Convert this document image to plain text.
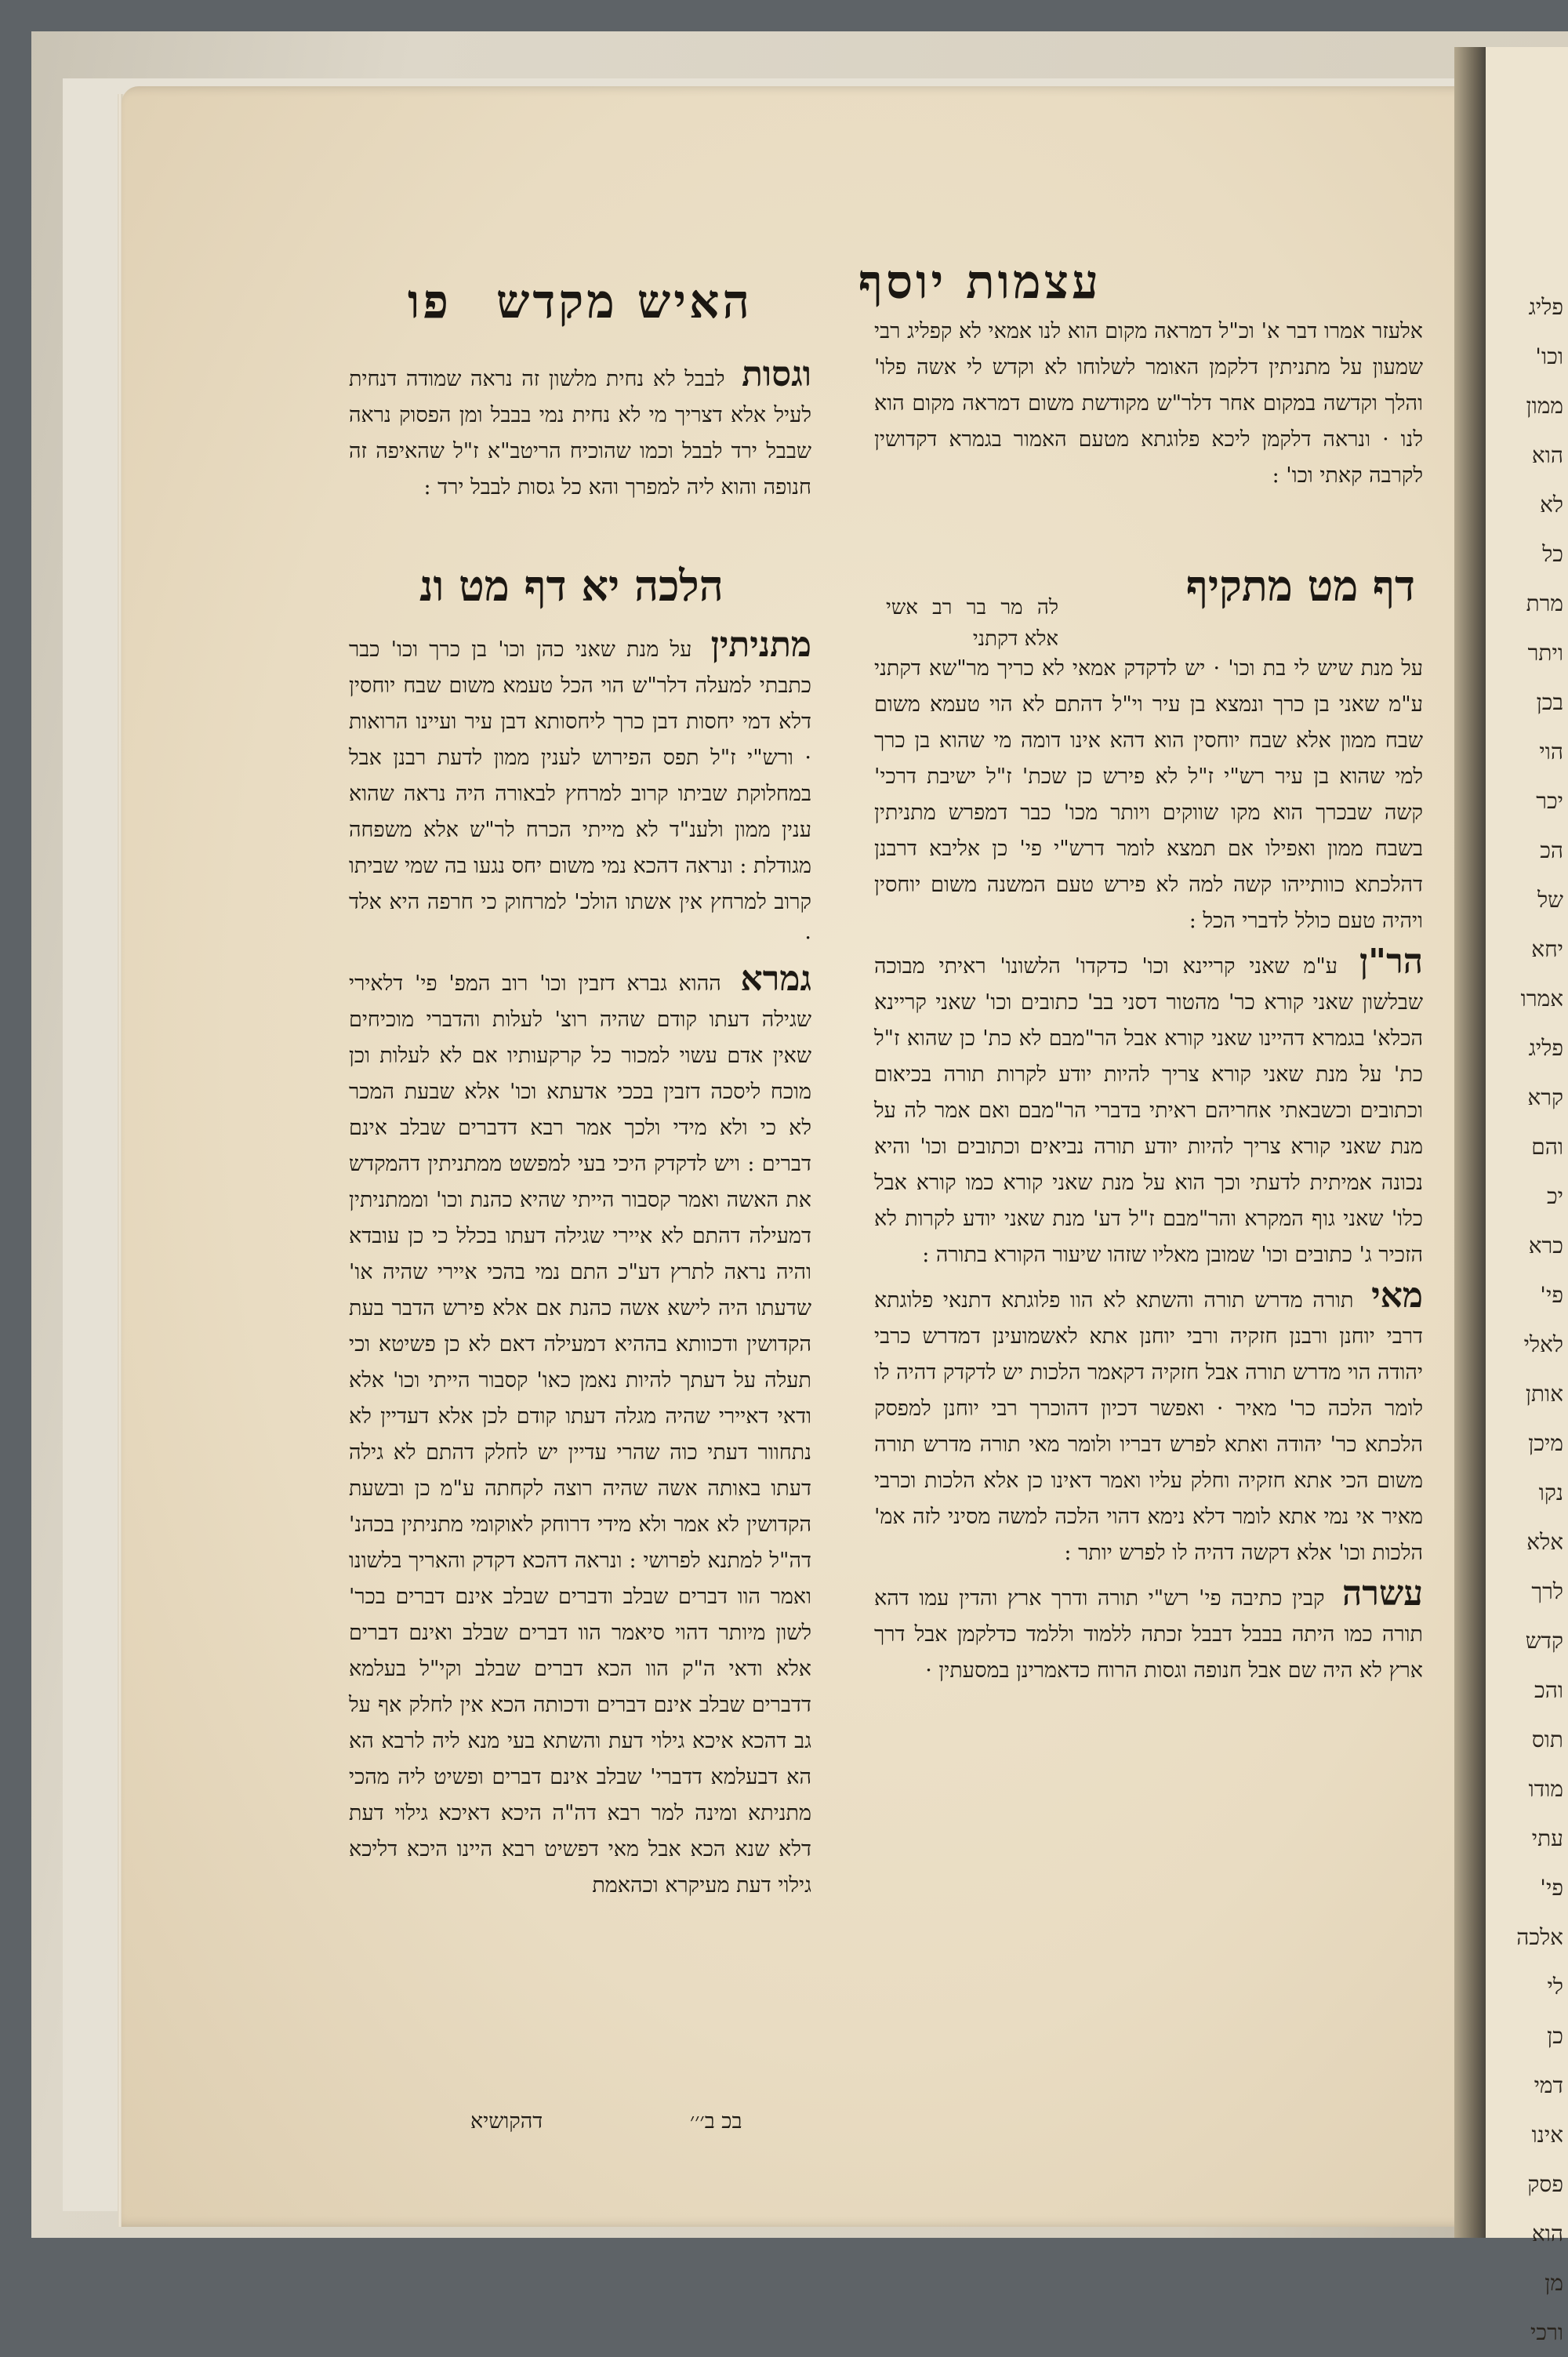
פליג
וכו'
ממון
הוא
לא
כל
מרת
ויתר
בכן
הוי
יכר
הכ
של
יחא
אמרו
פליג
קרא
והם
יכ
כרא
פי'
לאלי
אותן
מיכן
נקו
אלא
לרך
קדש
והכ
תוס
מודו
עתי
פי'
אלכה
לי
כן
דמי
אינו
פסק
הוא
מן
ורכי
עצמות יוסף
האיש מקדש
פו

וגסות לבבל לא נחית מלשון זה נראה שמודה דנחית לעיל אלא דצריך מי לא נחית נמי בבבל ומן הפסוק נראה שבבל ירד לבבל וכמו שהוכיח הריטב"א ז"ל שהאיפה זה חנופה והוא ליה למפרך והא כל גסות לבבל ירד :

הלכה יא דף מט ונ

מתניתין על מנת שאני כהן וכו' בן כרך וכו' כבר כתבתי למעלה דלר"ש הוי הכל טעמא משום שבח יוחסין דלא דמי יחסות דבן כרך ליחסותא דבן עיר ועיינו הרואות · ורש"י ז"ל תפס הפירוש לענין ממון לדעת רבנן אבל במחלוקת שביתו קרוב למרחץ לבאורה היה נראה שהוא ענין ממון ולענ"ד לא מייתי הכרח לר"ש אלא משפחה מגודלת : ונראה דהכא נמי משום יחס נגעו בה שמי שביתו קרוב למרחץ אין אשתו הולכ' למרחוק כי חרפה היא אלד ·

גמרא ההוא גברא דזבין וכו' רוב המפ' פי' דלאירי שגילה דעתו קודם שהיה רוצ' לעלות והדברי מוכיחים שאין אדם עשוי למכור כל קרקעותיו אם לא לעלות וכן מוכח ליסכה דזבין בככי אדעתא וכו' אלא שבעת המכר לא כי ולא מידי ולכך אמר רבא דדברים שבלב אינם דברים : ויש לדקדק היכי בעי למפשט ממתניתין דהמקדש את האשה ואמר קסבור הייתי שהיא כהנת וכו' וממתניתין דמעילה דהתם לא איירי שגילה דעתו בכלל כי כן עובדא והיה נראה לתרץ דע"כ התם נמי בהכי איירי שהיה או' שדעתו היה לישא אשה כהנת אם אלא פירש הדבר בעת הקדושין ודכוותא בההיא דמעילה דאם לא כן פשיטא וכי תעלה על דעתך להיות נאמן כאו' קסבור הייתי וכו' אלא ודאי דאיירי שהיה מגלה דעתו קודם לכן אלא דעדיין לא נתחוור דעתי כוה שהרי עדיין יש לחלק דהתם לא גילה דעתו באותה אשה שהיה רוצה לקחתה ע"מ כן ובשעת הקדושין לא אמר ולא מידי דרוחק לאוקומי מתניתין בכהנ' דה"ל למתנא לפרושי : ונראה דהכא דקדק והאריך בלשונו ואמר הוו דברים שבלב ודברים שבלב אינם דברים בכר' לשון מיותר דהוי סיאמר הוו דברים שבלב ואינם דברים אלא ודאי ה"ק הוו הכא דברים שבלב וקי"ל בעלמא דדברים שבלב אינם דברים ודכותה הכא אין לחלק אף על גב דהכא איכא גילוי דעת והשתא בעי מנא ליה לרבא הא הא דבעלמא דדברי' שבלב אינם דברים ופשיט ליה מהכי מתניתא ומינה למר רבא דה"ה היכא דאיכא גילוי דעת דלא שנא הכא אבל מאי דפשיט רבא היינו היכא דליכא גילוי דעת מעיקרא וכהאמת

בכ ב׳׳׳
דהקושיא

אלעזר אמרו דבר א' וכ"ל דמראה מקום הוא לנו אמאי לא קפליג רבי שמעון על מתניתין דלקמן האומר לשלוחו לא וקדש לי אשה פלו' והלך וקדשה במקום אחר דלר"ש מקודשת משום דמראה מקום הוא לנו · ונראה דלקמן ליכא פלוגתא מטעם האמור בגמרא דקדושין לקרבה קאתי וכו' :

דף מט מתקיף
לה מר בר רב אשי אלא דקתני

על מנת שיש לי בת וכו' · יש לדקדק אמאי לא כריך מר"שא דקתני ע"מ שאני בן כרך ונמצא בן עיר וי"ל דהתם לא הוי טעמא משום שבח ממון אלא שבח יוחסין הוא דהא אינו דומה מי שהוא בן כרך למי שהוא בן עיר רש"י ז"ל לא פירש כן שכת' ז"ל ישיבת דרכי' קשה שבכרך הוא מקו שווקים ויותר מכו' כבר דמפרש מתניתין בשבח ממון ואפילו אם תמצא לומר דרש"י פי' כן אליבא דרבנן דהלכתא כוותייהו קשה למה לא פירש טעם המשנה משום יוחסין ויהיה טעם כולל לדברי הכל :

הר"ן ע"מ שאני קריינא וכו' כדקדו' הלשונו' ראיתי מבוכה שבלשון שאני קורא כר' מהטור דסני בב' כתובים וכו' שאני קריינא הכלא' בגמרא דהיינו שאני קורא אבל הר"מבם לא כת' כן שהוא ז"ל כת' על מנת שאני קורא צריך להיות יודע לקרות תורה בכיאום וכתובים וכשבאתי אחריהם ראיתי בדברי הר"מבם ואם אמר לה על מנת שאני קורא צריך להיות יודע תורה נביאים וכתובים וכו' והיא נכונה אמיתית לדעתי וכך הוא על מנת שאני קורא כמו קורא אבל כלו' שאני גוף המקרא והר"מבם ז"ל דע' מנת שאני יודע לקרות לא הזכיר ג' כתובים וכו' שמובן מאליו שזהו שיעור הקורא בתורה :

מאי תורה מדרש תורה והשתא לא הוו פלוגתא דתנאי פלוגתא דרבי יוחנן ורבנן חזקיה ורבי יוחנן אתא לאשמועינן דמדרש כרבי יהודה הוי מדרש תורה אבל חזקיה דקאמר הלכות יש לדקדק דהיה לו לומר הלכה כר' מאיר · ואפשר דכיון דהוכרך רבי יוחנן למפסק הלכתא כר' יהודה ואתא לפרש דבריו ולומר מאי תורה מדרש תורה משום הכי אתא חזקיה וחלק עליו ואמר דאינו כן אלא הלכות וכרבי מאיר אי נמי אתא לומר דלא נימא דהוי הלכה למשה מסיני לזה אמ' הלכות וכו' אלא דקשה דהיה לו לפרש יותר :

עשרה קבין כתיבה פי' רש"י תורה ודרך ארץ והדין עמו דהא תורה כמו היתה בבבל דבבל זכתה ללמוד וללמד כדלקמן אבל דרך ארץ לא היה שם אבל חנופה וגסות הרוח כדאמרינן במסעתין ·
